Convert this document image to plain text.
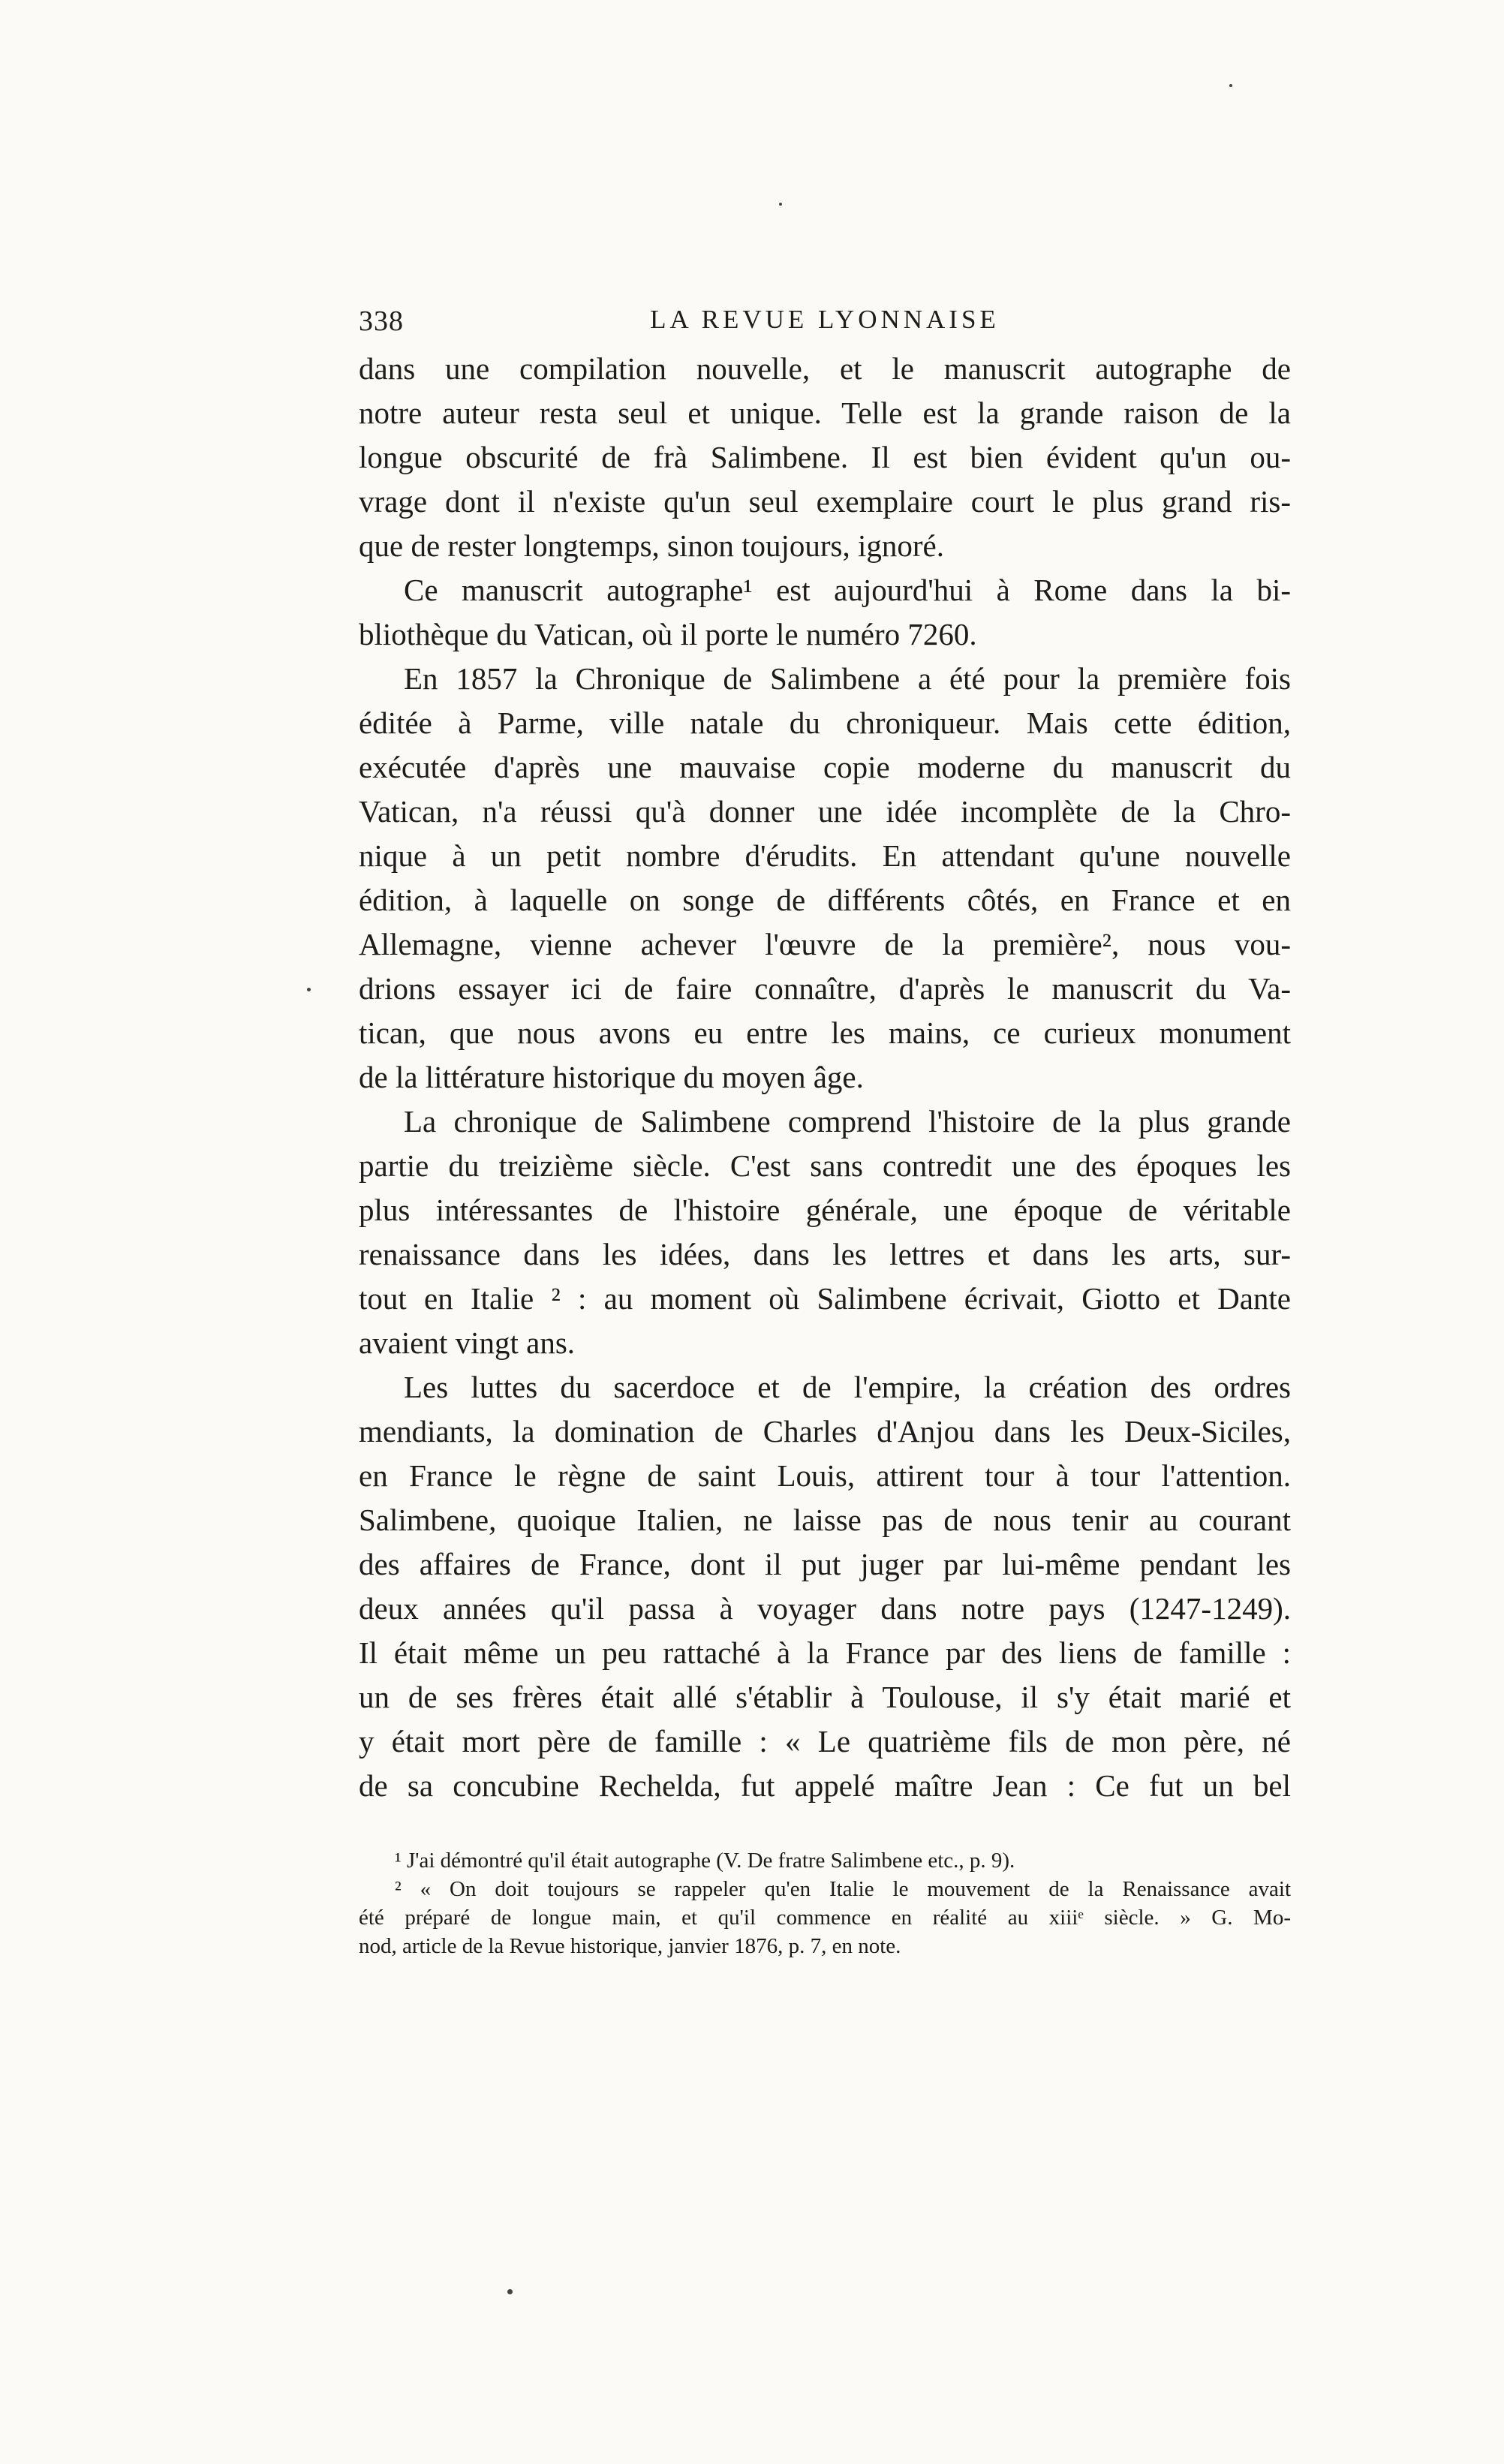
338	LA REVUE LYONNAISE
dans une compilation nouvelle, et le manuscrit autographe de
notre auteur resta seul et unique. Telle est la grande raison de la
longue obscurité de frà Salimbene. Il est bien évident qu'un ou-
vrage dont il n'existe qu'un seul exemplaire court le plus grand ris-
que de rester longtemps, sinon toujours, ignoré.
Ce manuscrit autographe¹ est aujourd'hui à Rome dans la bi-
bliothèque du Vatican, où il porte le numéro 7260.
En 1857 la Chronique de Salimbene a été pour la première fois
éditée à Parme, ville natale du chroniqueur. Mais cette édition,
exécutée d'après une mauvaise copie moderne du manuscrit du
Vatican, n'a réussi qu'à donner une idée incomplète de la Chro-
nique à un petit nombre d'érudits. En attendant qu'une nouvelle
édition, à laquelle on songe de différents côtés, en France et en
Allemagne, vienne achever l'œuvre de la première², nous vou-
drions essayer ici de faire connaître, d'après le manuscrit du Va-
tican, que nous avons eu entre les mains, ce curieux monument
de la littérature historique du moyen âge.
La chronique de Salimbene comprend l'histoire de la plus grande
partie du treizième siècle. C'est sans contredit une des époques les
plus intéressantes de l'histoire générale, une époque de véritable
renaissance dans les idées, dans les lettres et dans les arts, sur-
tout en Italie ² : au moment où Salimbene écrivait, Giotto et Dante
avaient vingt ans.
Les luttes du sacerdoce et de l'empire, la création des ordres
mendiants, la domination de Charles d'Anjou dans les Deux-Siciles,
en France le règne de saint Louis, attirent tour à tour l'attention.
Salimbene, quoique Italien, ne laisse pas de nous tenir au courant
des affaires de France, dont il put juger par lui-même pendant les
deux années qu'il passa à voyager dans notre pays (1247-1249).
Il était même un peu rattaché à la France par des liens de famille :
un de ses frères était allé s'établir à Toulouse, il s'y était marié et
y était mort père de famille : « Le quatrième fils de mon père, né
de sa concubine Rechelda, fut appelé maître Jean : Ce fut un bel
¹ J'ai démontré qu'il était autographe (V. De fratre Salimbene etc., p. 9).
² « On doit toujours se rappeler qu'en Italie le mouvement de la Renaissance avait
été préparé de longue main, et qu'il commence en réalité au xiiiᵉ siècle. » G. Mo-
nod, article de la Revue historique, janvier 1876, p. 7, en note.
